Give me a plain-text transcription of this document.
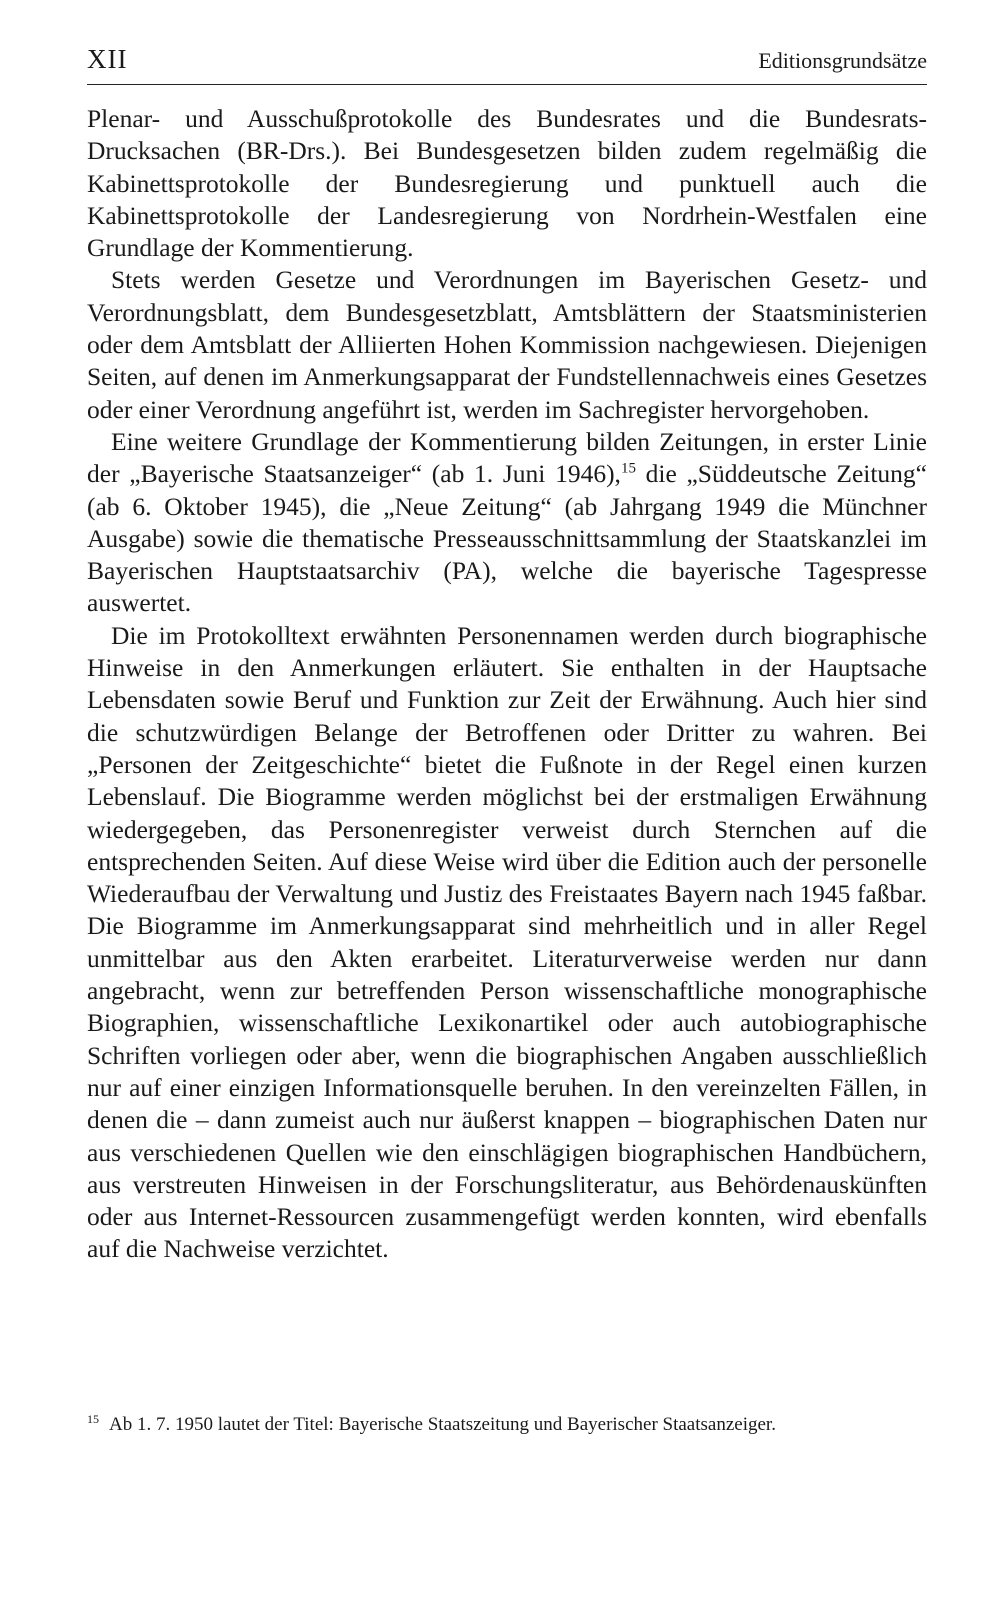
XII	Editionsgrundsätze

Plenar- und Ausschußprotokolle des Bundesrates und die Bundesrats-Drucksachen (BR-Drs.). Bei Bundesgesetzen bilden zudem regelmäßig die Kabinettsprotokolle der Bundesregierung und punktuell auch die Kabinettsprotokolle der Landesregierung von Nordrhein-Westfalen eine Grundlage der Kommentierung.

Stets werden Gesetze und Verordnungen im Bayerischen Gesetz- und Verordnungsblatt, dem Bundesgesetzblatt, Amtsblättern der Staatsministerien oder dem Amtsblatt der Alliierten Hohen Kommission nachgewiesen. Diejenigen Seiten, auf denen im Anmerkungsapparat der Fundstellennachweis eines Gesetzes oder einer Verordnung angeführt ist, werden im Sachregister hervorgehoben.

Eine weitere Grundlage der Kommentierung bilden Zeitungen, in erster Linie der „Bayerische Staatsanzeiger“ (ab 1. Juni 1946),$^{15}$ die „Süddeutsche Zeitung“ (ab 6. Oktober 1945), die „Neue Zeitung“ (ab Jahrgang 1949 die Münchner Ausgabe) sowie die thematische Presseausschnittsammlung der Staatskanzlei im Bayerischen Hauptstaatsarchiv (PA), welche die bayerische Tagespresse auswertet.

Die im Protokolltext erwähnten Personennamen werden durch biographische Hinweise in den Anmerkungen erläutert. Sie enthalten in der Hauptsache Lebensdaten sowie Beruf und Funktion zur Zeit der Erwähnung. Auch hier sind die schutzwürdigen Belange der Betroffenen oder Dritter zu wahren. Bei „Personen der Zeitgeschichte“ bietet die Fußnote in der Regel einen kurzen Lebenslauf. Die Biogramme werden möglichst bei der erstmaligen Erwähnung wiedergegeben, das Personenregister verweist durch Sternchen auf die entsprechenden Seiten. Auf diese Weise wird über die Edition auch der personelle Wiederaufbau der Verwaltung und Justiz des Freistaates Bayern nach 1945 faßbar. Die Biogramme im Anmerkungsapparat sind mehrheitlich und in aller Regel unmittelbar aus den Akten erarbeitet. Literaturverweise werden nur dann angebracht, wenn zur betreffenden Person wissenschaftliche monographische Biographien, wissenschaftliche Lexikonartikel oder auch autobiographische Schriften vorliegen oder aber, wenn die biographischen Angaben ausschließlich nur auf einer einzigen Informationsquelle beruhen. In den vereinzelten Fällen, in denen die – dann zumeist auch nur äußerst knappen – biographischen Daten nur aus verschiedenen Quellen wie den einschlägigen biographischen Handbüchern, aus verstreuten Hinweisen in der Forschungsliteratur, aus Behördenauskünften oder aus Internet-Ressourcen zusammengefügt werden konnten, wird ebenfalls auf die Nachweise verzichtet.

$^{15}$ Ab 1. 7. 1950 lautet der Titel: Bayerische Staatszeitung und Bayerischer Staatsanzeiger.
